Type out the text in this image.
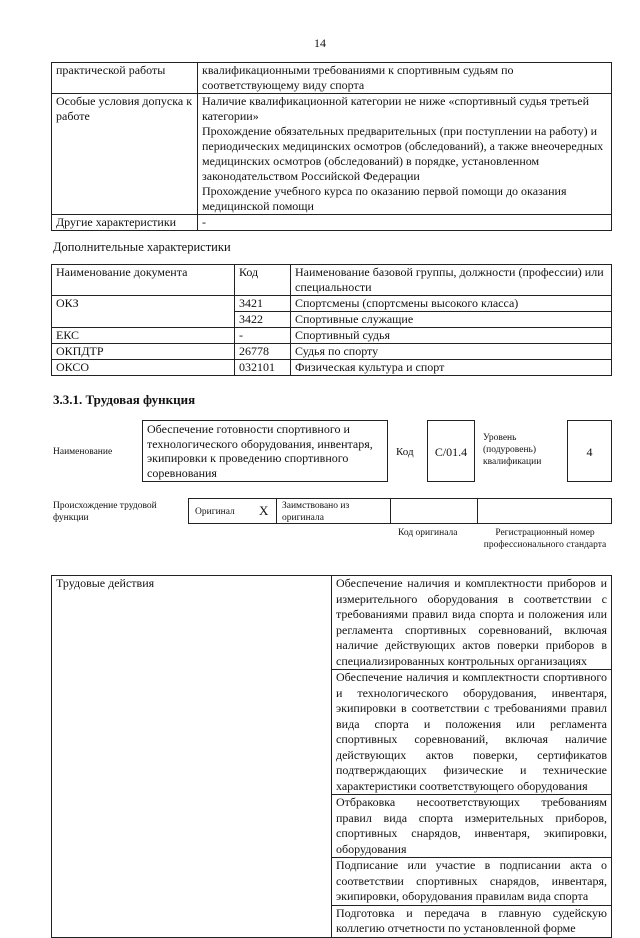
14
практической работы	квалификационными требованиями к спортивным судьям по соответствующему виду спорта

Особые условия допуска к работе	Наличие квалификационной категории не ниже «спортивный судья третьей категории»
Прохождение обязательных предварительных (при поступлении на работу) и периодических медицинских осмотров (обследований), а также внеочередных медицинских осмотров (обследований) в порядке, установленном законодательством Российской Федерации
Прохождение учебного курса по оказанию первой помощи до оказания медицинской помощи

Другие характеристики	-
Дополнительные характеристики
Наименование документа	Код	Наименование базовой группы, должности (профессии) или специальности
ОКЗ	3421	Спортсмены (спортсмены высокого класса)
	3422	Спортивные служащие
ЕКС	-	Спортивный судья
ОКПДТР	26778	Судья по спорту
ОКСО	032101	Физическая культура и спорт
3.3.1. Трудовая функция
Наименование
Обеспечение готовности спортивного и технологического оборудования, инвентаря, экипировки к проведению спортивного соревнования
Код	C/01.4
Уровень (подуровень) квалификации
4
Происхождение трудовой функции
Оригинал X Заимствовано из оригинала
Код оригинала	Регистрационный номер профессионального стандарта
Трудовые действия	Обеспечение наличия и комплектности приборов и измерительного оборудования в соответствии с требованиями правил вида спорта и положения или регламента спортивных соревнований, включая наличие действующих актов поверки приборов в специализированных контрольных организациях
Обеспечение наличия и комплектности спортивного и технологического оборудования, инвентаря, экипировки в соответствии с требованиями правил вида спорта и положения или регламента спортивных соревнований, включая наличие действующих актов поверки, сертификатов подтверждающих физические и технические характеристики соответствующего оборудования
Отбраковка несоответствующих требованиям правил вида спорта измерительных приборов, спортивных снарядов, инвентаря, экипировки, оборудования
Подписание или участие в подписании акта о соответствии спортивных снарядов, инвентаря, экипировки, оборудования правилам вида спорта
Подготовка и передача в главную судейскую коллегию отчетности по установленной форме
